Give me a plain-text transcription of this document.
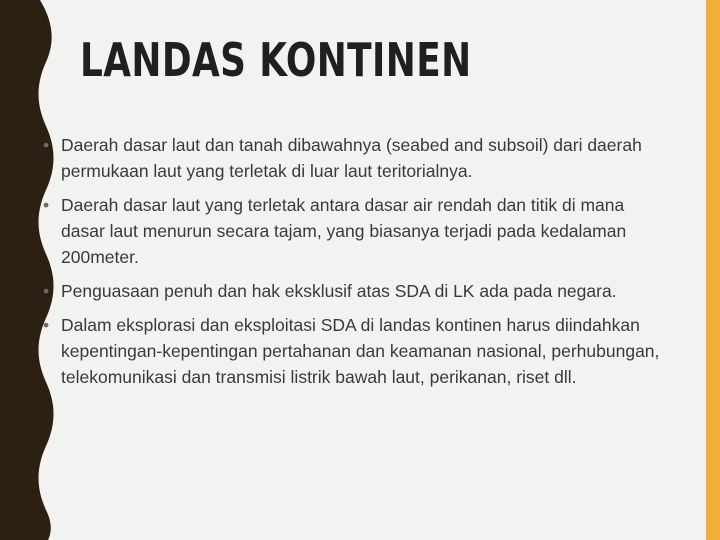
LANDAS KONTINEN
• Daerah dasar laut dan tanah dibawahnya (seabed and subsoil) dari daerah permukaan laut yang terletak di luar laut teritorialnya.
• Daerah dasar laut yang terletak antara dasar air rendah dan titik di mana dasar laut menurun secara tajam, yang biasanya terjadi pada kedalaman 200meter.
• Penguasaan penuh dan hak eksklusif atas SDA di LK ada pada negara.
• Dalam eksplorasi dan eksploitasi SDA di landas kontinen harus diindahkan kepentingan-kepentingan pertahanan dan keamanan nasional, perhubungan, telekomunikasi dan transmisi listrik bawah laut, perikanan, riset dll.
